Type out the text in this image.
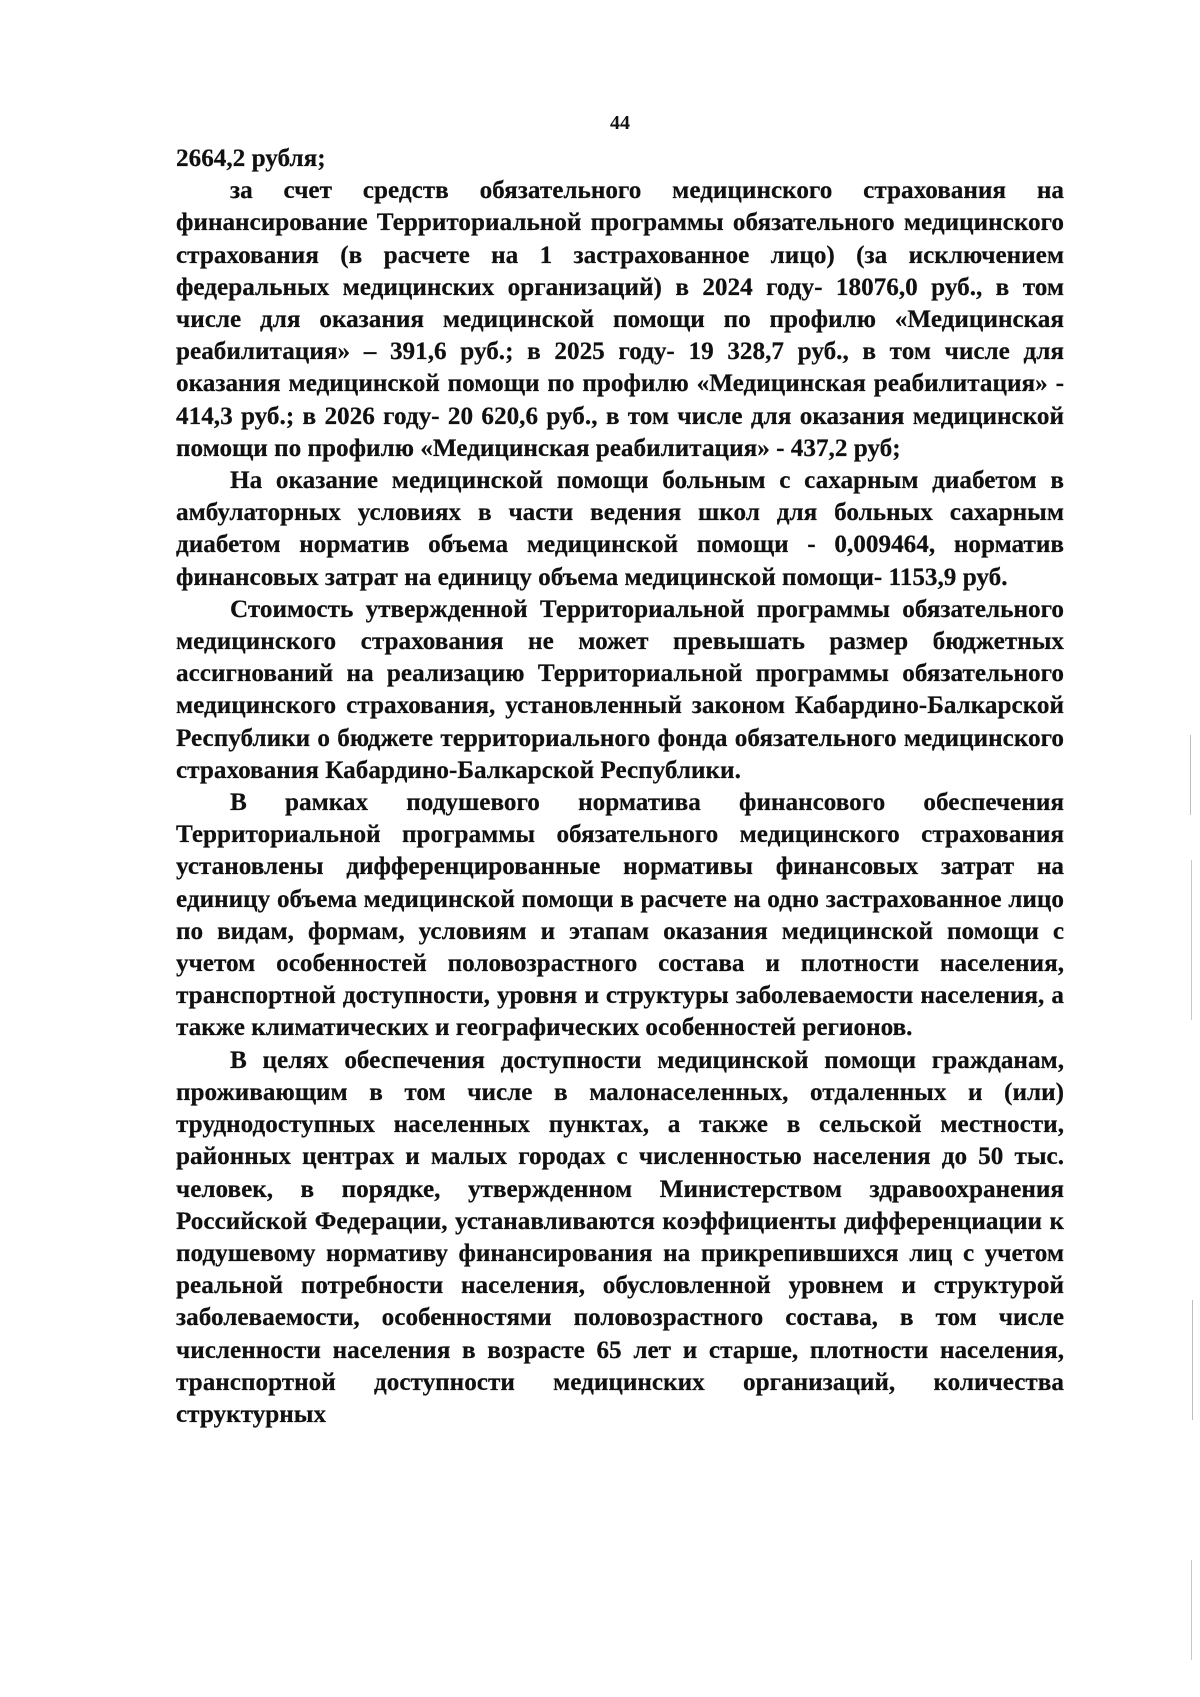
44

2664,2 рубля;

за счет средств обязательного медицинского страхования на финансирование Территориальной программы обязательного медицинского страхования (в расчете на 1 застрахованное лицо) (за исключением федеральных медицинских организаций) в 2024 году- 18076,0 руб., в том числе для оказания медицинской помощи по профилю «Медицинская реабилитация» – 391,6 руб.; в 2025 году- 19 328,7 руб., в том числе для оказания медицинской помощи по профилю «Медицинская реабилитация» - 414,3 руб.; в 2026 году- 20 620,6 руб., в том числе для оказания медицинской помощи по профилю «Медицинская реабилитация» - 437,2 руб;

На оказание медицинской помощи больным с сахарным диабетом в амбулаторных условиях в части ведения школ для больных сахарным диабетом норматив объема медицинской помощи - 0,009464, норматив финансовых затрат на единицу объема медицинской помощи- 1153,9 руб.

Стоимость утвержденной Территориальной программы обязательного медицинского страхования не может превышать размер бюджетных ассигнований на реализацию Территориальной программы обязательного медицинского страхования, установленный законом Кабардино-Балкарской Республики о бюджете территориального фонда обязательного медицинского страхования Кабардино-Балкарской Республики.

В рамках подушевого норматива финансового обеспечения Территориальной программы обязательного медицинского страхования установлены дифференцированные нормативы финансовых затрат на единицу объема медицинской помощи в расчете на одно застрахованное лицо по видам, формам, условиям и этапам оказания медицинской помощи с учетом особенностей половозрастного состава и плотности населения, транспортной доступности, уровня и структуры заболеваемости населения, а также климатических и географических особенностей регионов.

В целях обеспечения доступности медицинской помощи гражданам, проживающим в том числе в малонаселенных, отдаленных и (или) труднодоступных населенных пунктах, а также в сельской местности, районных центрах и малых городах с численностью населения до 50 тыс. человек, в порядке, утвержденном Министерством здравоохранения Российской Федерации, устанавливаются коэффициенты дифференциации к подушевому нормативу финансирования на прикрепившихся лиц с учетом реальной потребности населения, обусловленной уровнем и структурой заболеваемости, особенностями половозрастного состава, в том числе численности населения в возрасте 65 лет и старше, плотности населения, транспортной доступности медицинских организаций, количества структурных
